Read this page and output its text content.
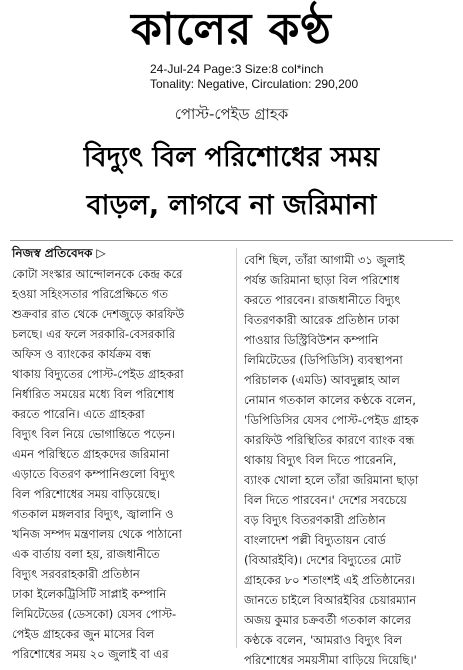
কালের কণ্ঠ
24-Jul-24 Page:3 Size:8 col*inch
Tonality: Negative, Circulation: 290,200
পোস্ট-পেইড গ্রাহক
বিদ্যুৎ বিল পরিশোধের সময়
বাড়ল, লাগবে না জরিমানা
নিজস্ব প্রতিবেদক ▷
কোটা সংস্কার আন্দোলনকে কেন্দ্র করে
হওয়া সহিংসতার পরিপ্রেক্ষিতে গত
শুক্রবার রাত থেকে দেশজুড়ে কারফিউ
চলছে। এর ফলে সরকারি-বেসরকারি
অফিস ও ব্যাংকের কার্যক্রম বন্ধ
থাকায় বিদ্যুতের পোস্ট-পেইড গ্রাহকরা
নির্ধারিত সময়ের মধ্যে বিল পরিশোধ
করতে পারেনি। এতে গ্রাহকরা
বিদ্যুৎ বিল নিয়ে ভোগান্তিতে পড়েন।
এমন পরিস্থিতে গ্রাহকদের জরিমানা
এড়াতে বিতরণ কম্পানিগুলো বিদ্যুৎ
বিল পরিশোধের সময় বাড়িয়েছে।
গতকাল মঙ্গলবার বিদ্যুৎ, জ্বালানি ও
খনিজ সম্পদ মন্ত্রণালয় থেকে পাঠানো
এক বার্তায় বলা হয়, রাজধানীতে
বিদ্যুৎ সরবরাহকারী প্রতিষ্ঠান
ঢাকা ইলেকট্রিসিটি সাপ্লাই কম্পানি
লিমিটেডের (ডেসকো) যেসব পোস্ট-
পেইড গ্রাহকের জুন মাসের বিল
পরিশোধের সময় ২০ জুলাই বা এর
বেশি ছিল, তাঁরা আগামী ৩১ জুলাই
পর্যন্ত জরিমানা ছাড়া বিল পরিশোধ
করতে পারবেন। রাজধানীতে বিদ্যুৎ
বিতরণকারী আরেক প্রতিষ্ঠান ঢাকা
পাওয়ার ডিস্ট্রিবিউশন কম্পানি
লিমিটেডের (ডিপিডিসি) ব্যবস্থাপনা
পরিচালক (এমডি) আবদুল্লাহ আল
নোমান গতকাল কালের কণ্ঠকে বলেন,
'ডিপিডিসির যেসব পোস্ট-পেইড গ্রাহক
কারফিউ পরিস্থিতির কারণে ব্যাংক বন্ধ
থাকায় বিদ্যুৎ বিল দিতে পারেননি,
ব্যাংক খোলা হলে তাঁরা জরিমানা ছাড়া
বিল দিতে পারবেন।' দেশের সবচেয়ে
বড় বিদ্যুৎ বিতরণকারী প্রতিষ্ঠান
বাংলাদেশ পল্লী বিদ্যুতায়ন বোর্ড
(বিআরইবি)। দেশের বিদ্যুতের মোট
গ্রাহকের ৮০ শতাংশই এই প্রতিষ্ঠানের।
জানতে চাইলে বিআরইবির চেয়ারম্যান
অজয় কুমার চক্রবর্তী গতকাল কালের
কণ্ঠকে বলেন, 'আমরাও বিদ্যুৎ বিল
পরিশোধের সময়সীমা বাড়িয়ে দিয়েছি।'
